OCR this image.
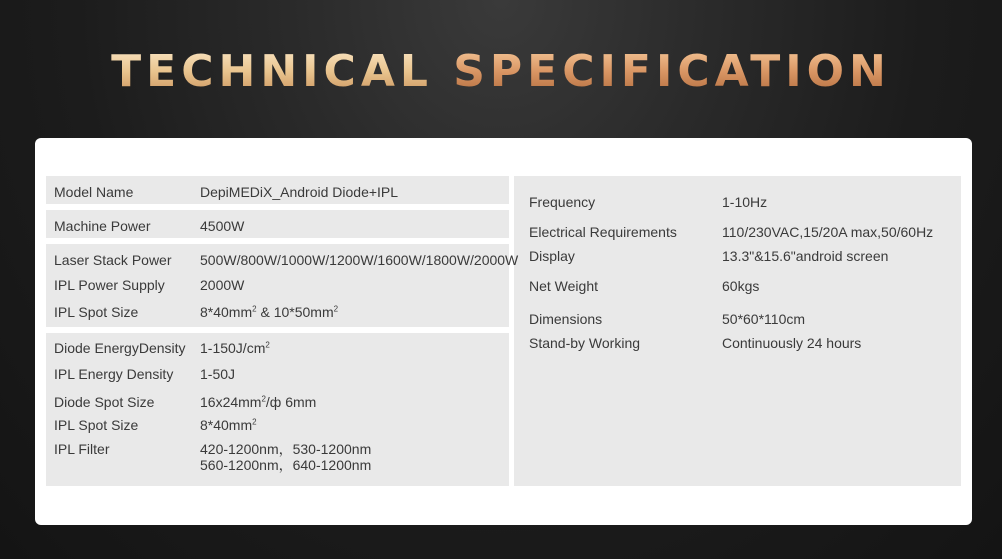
TECHNICAL SPECIFICATION
Model Name	DepiMEDiX_Android Diode+IPL
Machine Power	4500W
Laser Stack Power 500W/800W/1000W/1200W/1600W/1800W/2000W
IPL Power Supply	2000W
IPL Spot Size	$8*40mm^2$ & $10*50mm^2$
Diode EnergyDensity $1-150J/cm^2$
IPL Energy Density 1-50J
Diode Spot Size	$16x24mm^2/ф$ 6mm
IPL Spot Size	$8*40mm^2$
IPL Filter	420-1200nm，530-1200nm
560-1200nm，640-1200nm
Frequency	1-10Hz
Electrical Requirements	110/230VAC,15/20A max,50/60Hz
Display	13.3"&15.6"android screen
Net Weight	60kgs
Dimensions	50*60*110cm
Stand-by Working	Continuously 24 hours
